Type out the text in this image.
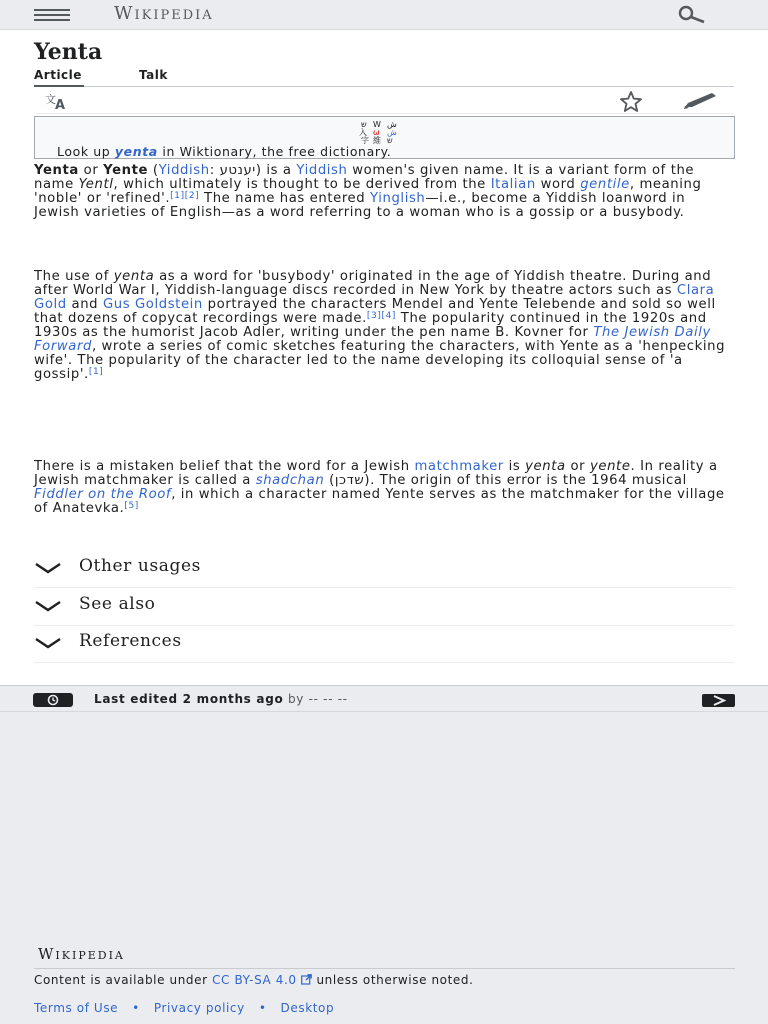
Wikipedia
Yenta
Article	Talk
文 A
ש W ش
入 ω ش
字 維 ש
Look up yenta in Wiktionary, the free dictionary.

Yenta or Yente (Yiddish: יענטע) is a Yiddish women's given name. It is a variant form of the name Yentl, which ultimately is thought to be derived from the Italian word gentile, meaning 'noble' or 'refined'.[1][2] The name has entered Yinglish—i.e., become a Yiddish loanword in Jewish varieties of English—as a word referring to a woman who is a gossip or a busybody.

The use of yenta as a word for 'busybody' originated in the age of Yiddish theatre. During and after World War I, Yiddish-language discs recorded in New York by theatre actors such as Clara Gold and Gus Goldstein portrayed the characters Mendel and Yente Telebende and sold so well that dozens of copycat recordings were made.[3][4] The popularity continued in the 1920s and 1930s as the humorist Jacob Adler, writing under the pen name B. Kovner for The Jewish Daily Forward, wrote a series of comic sketches featuring the characters, with Yente as a 'henpecking wife'. The popularity of the character led to the name developing its colloquial sense of 'a gossip'.[1]

There is a mistaken belief that the word for a Jewish matchmaker is yenta or yente. In reality a Jewish matchmaker is called a shadchan (שדכן). The origin of this error is the 1964 musical Fiddler on the Roof, in which a character named Yente serves as the matchmaker for the village of Anatevka.[5]

Other usages
See also
References
Last edited 2 months ago by -- -- --
Wikipedia
Content is available under CC BY-SA 4.0  unless otherwise noted.
Terms of Use • Privacy policy • Desktop
